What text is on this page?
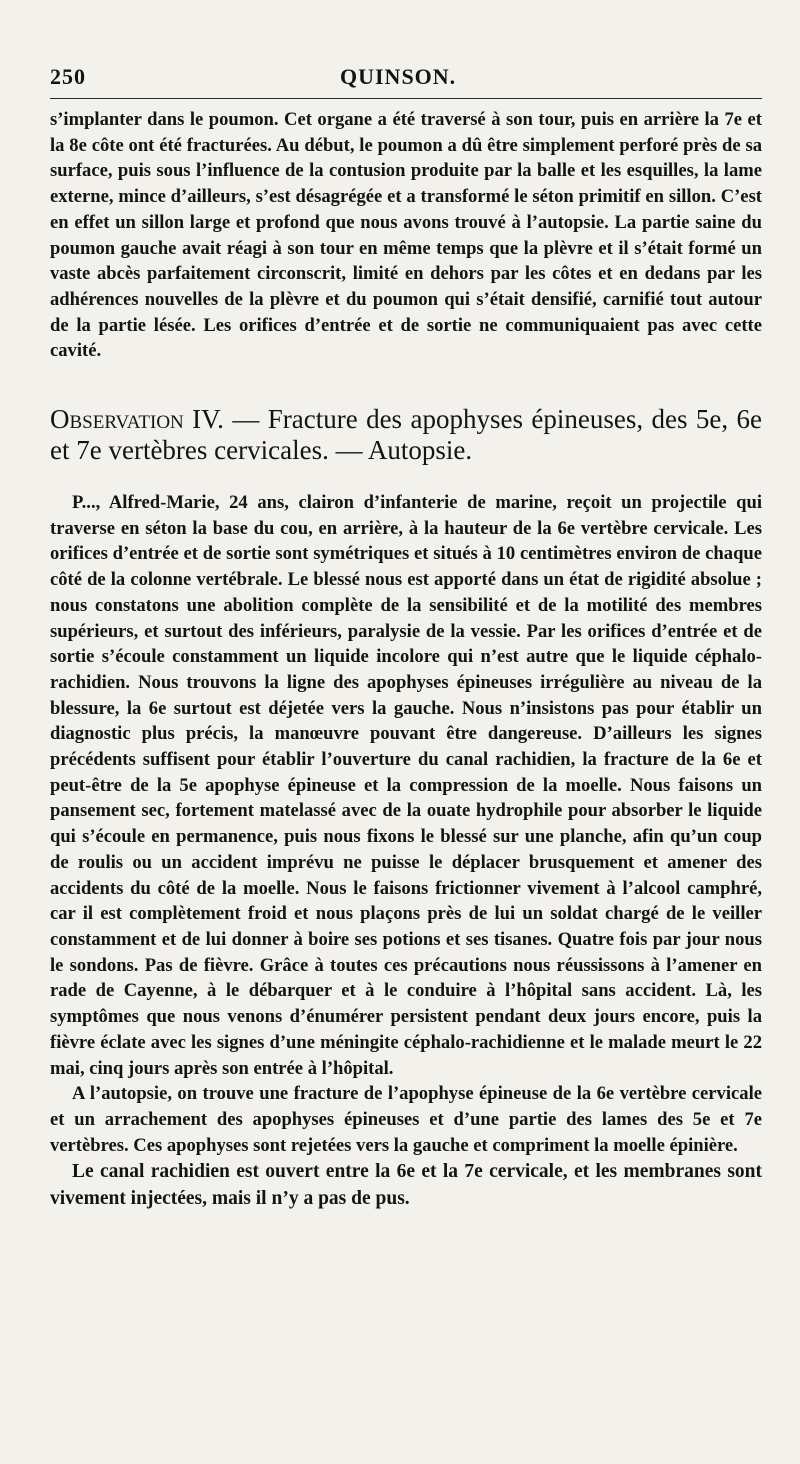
250	QUINSON.

s’implanter dans le poumon. Cet organe a été traversé à son tour, puis en arrière la 7e et la 8e côte ont été fracturées. Au début, le poumon a dû être simplement perforé près de sa surface, puis sous l’influence de la contusion produite par la balle et les esquilles, la lame externe, mince d’ailleurs, s’est désagrégée et a transformé le séton primitif en sillon. C’est en effet un sillon large et profond que nous avons trouvé à l’autopsie. La partie saine du poumon gauche avait réagi à son tour en même temps que la plèvre et il s’était formé un vaste abcès parfaitement circonscrit, limité en dehors par les côtes et en dedans par les adhérences nouvelles de la plèvre et du poumon qui s’était densifié, carnifié tout autour de la partie lésée. Les orifices d’entrée et de sortie ne communiquaient pas avec cette cavité.

Observation IV. — Fracture des apophyses épineuses, des 5e, 6e et 7e vertèbres cervicales. — Autopsie.

P..., Alfred-Marie, 24 ans, clairon d’infanterie de marine, reçoit un projectile qui traverse en séton la base du cou, en arrière, à la hauteur de la 6e vertèbre cervicale. Les orifices d’entrée et de sortie sont symétriques et situés à 10 centimètres environ de chaque côté de la colonne vertébrale. Le blessé nous est apporté dans un état de rigidité absolue ; nous constatons une abolition complète de la sensibilité et de la motilité des membres supérieurs, et surtout des inférieurs, paralysie de la vessie. Par les orifices d’entrée et de sortie s’écoule constamment un liquide incolore qui n’est autre que le liquide céphalo-rachidien. Nous trouvons la ligne des apophyses épineuses irrégulière au niveau de la blessure, la 6e surtout est déjetée vers la gauche. Nous n’insistons pas pour établir un diagnostic plus précis, la manœuvre pouvant être dangereuse. D’ailleurs les signes précédents suffisent pour établir l’ouverture du canal rachidien, la fracture de la 6e et peut-être de la 5e apophyse épineuse et la compression de la moelle. Nous faisons un pansement sec, fortement matelassé avec de la ouate hydrophile pour absorber le liquide qui s’écoule en permanence, puis nous fixons le blessé sur une planche, afin qu’un coup de roulis ou un accident imprévu ne puisse le déplacer brusquement et amener des accidents du côté de la moelle. Nous le faisons frictionner vivement à l’alcool camphré, car il est complètement froid et nous plaçons près de lui un soldat chargé de le veiller constamment et de lui donner à boire ses potions et ses tisanes. Quatre fois par jour nous le sondons. Pas de fièvre. Grâce à toutes ces précautions nous réussissons à l’amener en rade de Cayenne, à le débarquer et à le conduire à l’hôpital sans accident. Là, les symptômes que nous venons d’énumérer persistent pendant deux jours encore, puis la fièvre éclate avec les signes d’une méningite céphalo-rachidienne et le malade meurt le 22 mai, cinq jours après son entrée à l’hôpital.

A l’autopsie, on trouve une fracture de l’apophyse épineuse de la 6e vertèbre cervicale et un arrachement des apophyses épineuses et d’une partie des lames des 5e et 7e vertèbres. Ces apophyses sont rejetées vers la gauche et compriment la moelle épinière.

Le canal rachidien est ouvert entre la 6e et la 7e cervicale, et les membranes sont vivement injectées, mais il n’y a pas de pus.
